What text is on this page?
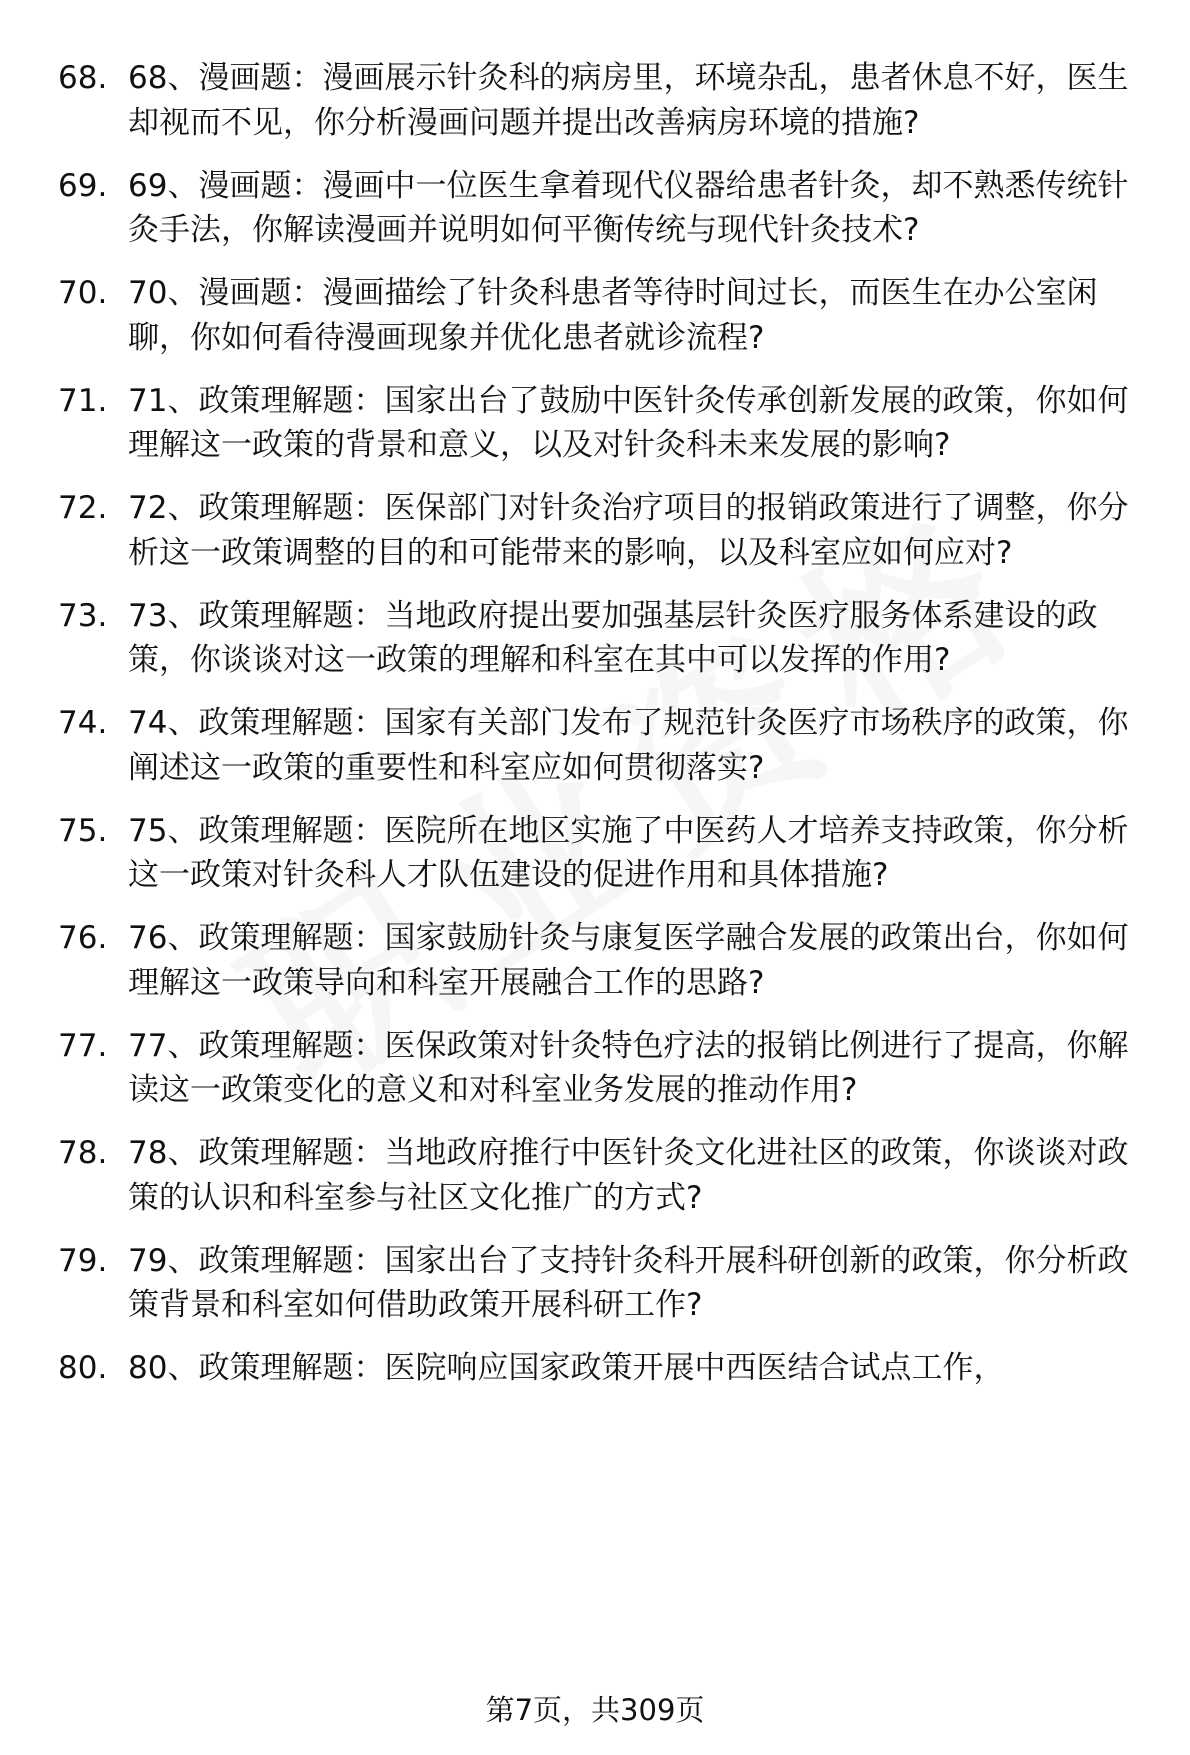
68. 68、漫画题：漫画展示针灸科的病房里，环境杂乱，患者休息不好，医生却视而不见，你分析漫画问题并提出改善病房环境的措施?
69. 69、漫画题：漫画中一位医生拿着现代仪器给患者针灸，却不熟悉传统针灸手法，你解读漫画并说明如何平衡传统与现代针灸技术?
70. 70、漫画题：漫画描绘了针灸科患者等待时间过长，而医生在办公室闲聊，你如何看待漫画现象并优化患者就诊流程?
71. 71、政策理解题：国家出台了鼓励中医针灸传承创新发展的政策，你如何理解这一政策的背景和意义，以及对针灸科未来发展的影响?
72. 72、政策理解题：医保部门对针灸治疗项目的报销政策进行了调整，你分析这一政策调整的目的和可能带来的影响，以及科室应如何应对?
73. 73、政策理解题：当地政府提出要加强基层针灸医疗服务体系建设的政策，你谈谈对这一政策的理解和科室在其中可以发挥的作用?
74. 74、政策理解题：国家有关部门发布了规范针灸医疗市场秩序的政策，你阐述这一政策的重要性和科室应如何贯彻落实?
75. 75、政策理解题：医院所在地区实施了中医药人才培养支持政策，你分析这一政策对针灸科人才队伍建设的促进作用和具体措施?
76. 76、政策理解题：国家鼓励针灸与康复医学融合发展的政策出台，你如何理解这一政策导向和科室开展融合工作的思路?
77. 77、政策理解题：医保政策对针灸特色疗法的报销比例进行了提高，你解读这一政策变化的意义和对科室业务发展的推动作用?
78. 78、政策理解题：当地政府推行中医针灸文化进社区的政策，你谈谈对政策的认识和科室参与社区文化推广的方式?
79. 79、政策理解题：国家出台了支持针灸科开展科研创新的政策，你分析政策背景和科室如何借助政策开展科研工作?
80. 80、政策理解题：医院响应国家政策开展中西医结合试点工作，
第7页，共309页
